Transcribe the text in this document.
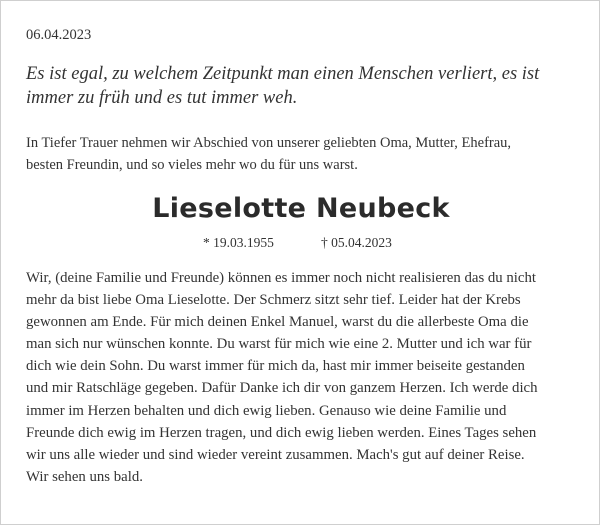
06.04.2023
Es ist egal, zu welchem Zeitpunkt man einen Menschen verliert, es ist
immer zu früh und es tut immer weh.
In Tiefer Trauer nehmen wir Abschied von unserer geliebten Oma, Mutter, Ehefrau,
besten Freundin, und so vieles mehr wo du für uns warst.
Lieselotte Neubeck
* 19.03.1955	† 05.04.2023
Wir, (deine Familie und Freunde) können es immer noch nicht realisieren das du nicht
mehr da bist liebe Oma Lieselotte. Der Schmerz sitzt sehr tief. Leider hat der Krebs
gewonnen am Ende. Für mich deinen Enkel Manuel, warst du die allerbeste Oma die
man sich nur wünschen konnte. Du warst für mich wie eine 2. Mutter und ich war für
dich wie dein Sohn. Du warst immer für mich da, hast mir immer beiseite gestanden
und mir Ratschläge gegeben. Dafür Danke ich dir von ganzem Herzen. Ich werde dich
immer im Herzen behalten und dich ewig lieben. Genauso wie deine Familie und
Freunde dich ewig im Herzen tragen, und dich ewig lieben werden. Eines Tages sehen
wir uns alle wieder und sind wieder vereint zusammen. Mach's gut auf deiner Reise.
Wir sehen uns bald.
